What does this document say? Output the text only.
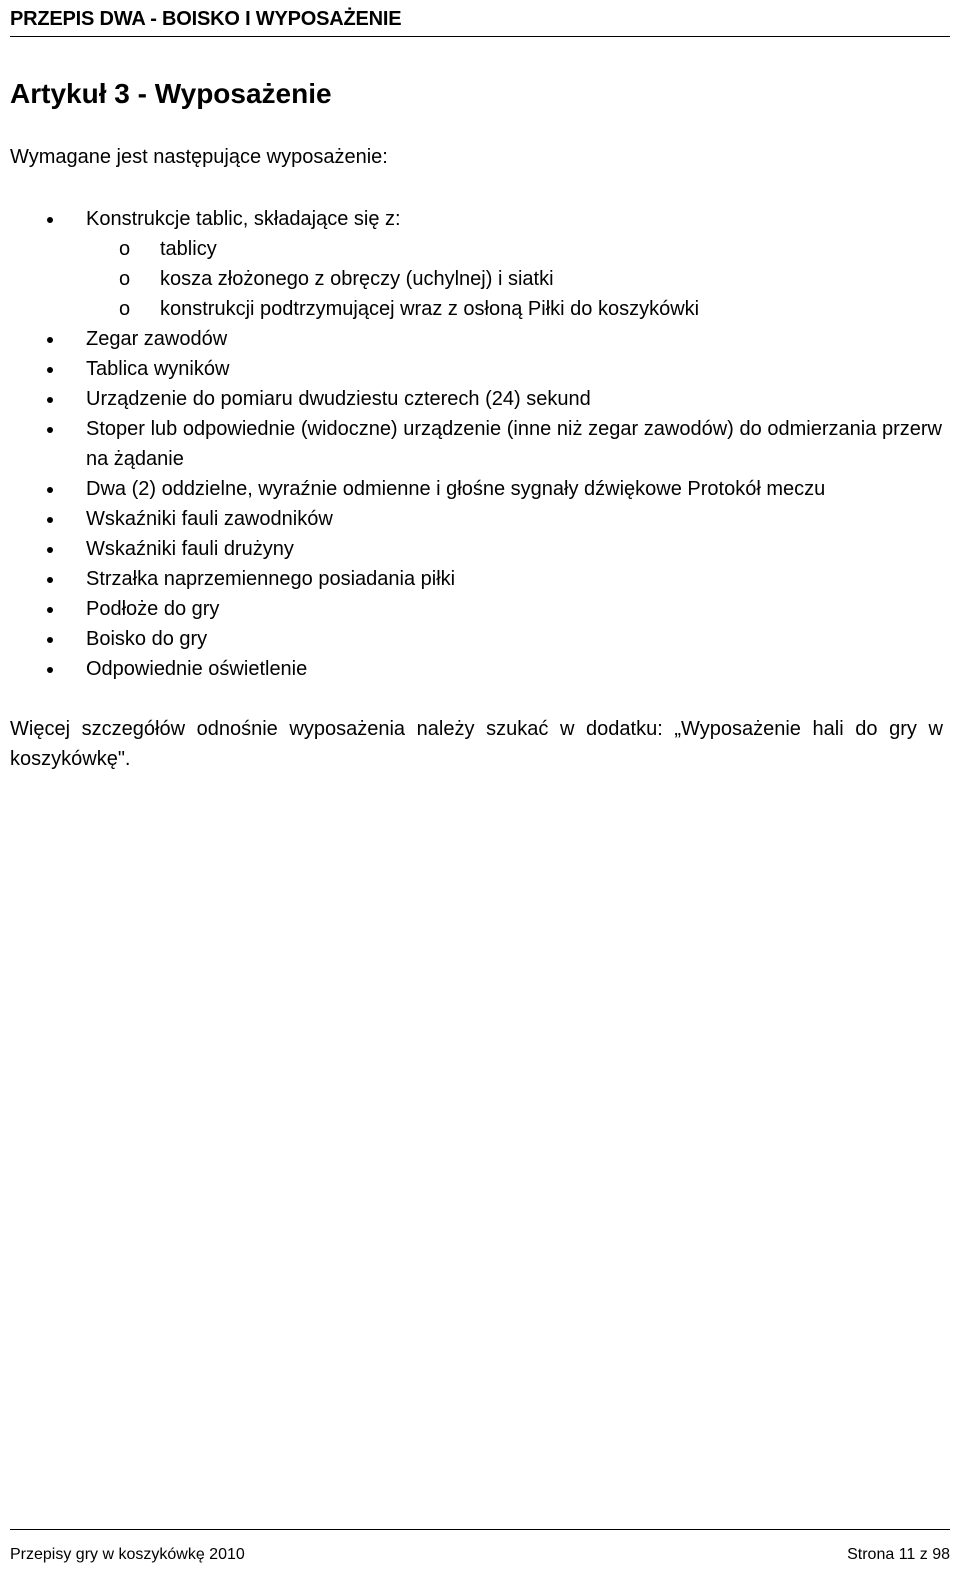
PRZEPIS DWA - BOISKO I WYPOSAŻENIE
Artykuł 3 - Wyposażenie

Wymagane jest następujące wyposażenie:

Konstrukcje tablic, składające się z:
o tablicy
o kosza złożonego z obręczy (uchylnej) i siatki
o konstrukcji podtrzymującej wraz z osłoną Piłki do koszykówki
Zegar zawodów
Tablica wyników
Urządzenie do pomiaru dwudziestu czterech (24) sekund
Stoper lub odpowiednie (widoczne) urządzenie (inne niż zegar zawodów) do odmierzania przerw na żądanie
Dwa (2) oddzielne, wyraźnie odmienne i głośne sygnały dźwiękowe Protokół meczu
Wskaźniki fauli zawodników
Wskaźniki fauli drużyny
Strzałka naprzemiennego posiadania piłki
Podłoże do gry
Boisko do gry
Odpowiednie oświetlenie

Więcej szczegółów odnośnie wyposażenia należy szukać w dodatku: „Wyposażenie hali do gry w koszykówkę".

Przepisy gry w koszykówkę 2010	Strona 11 z 98
